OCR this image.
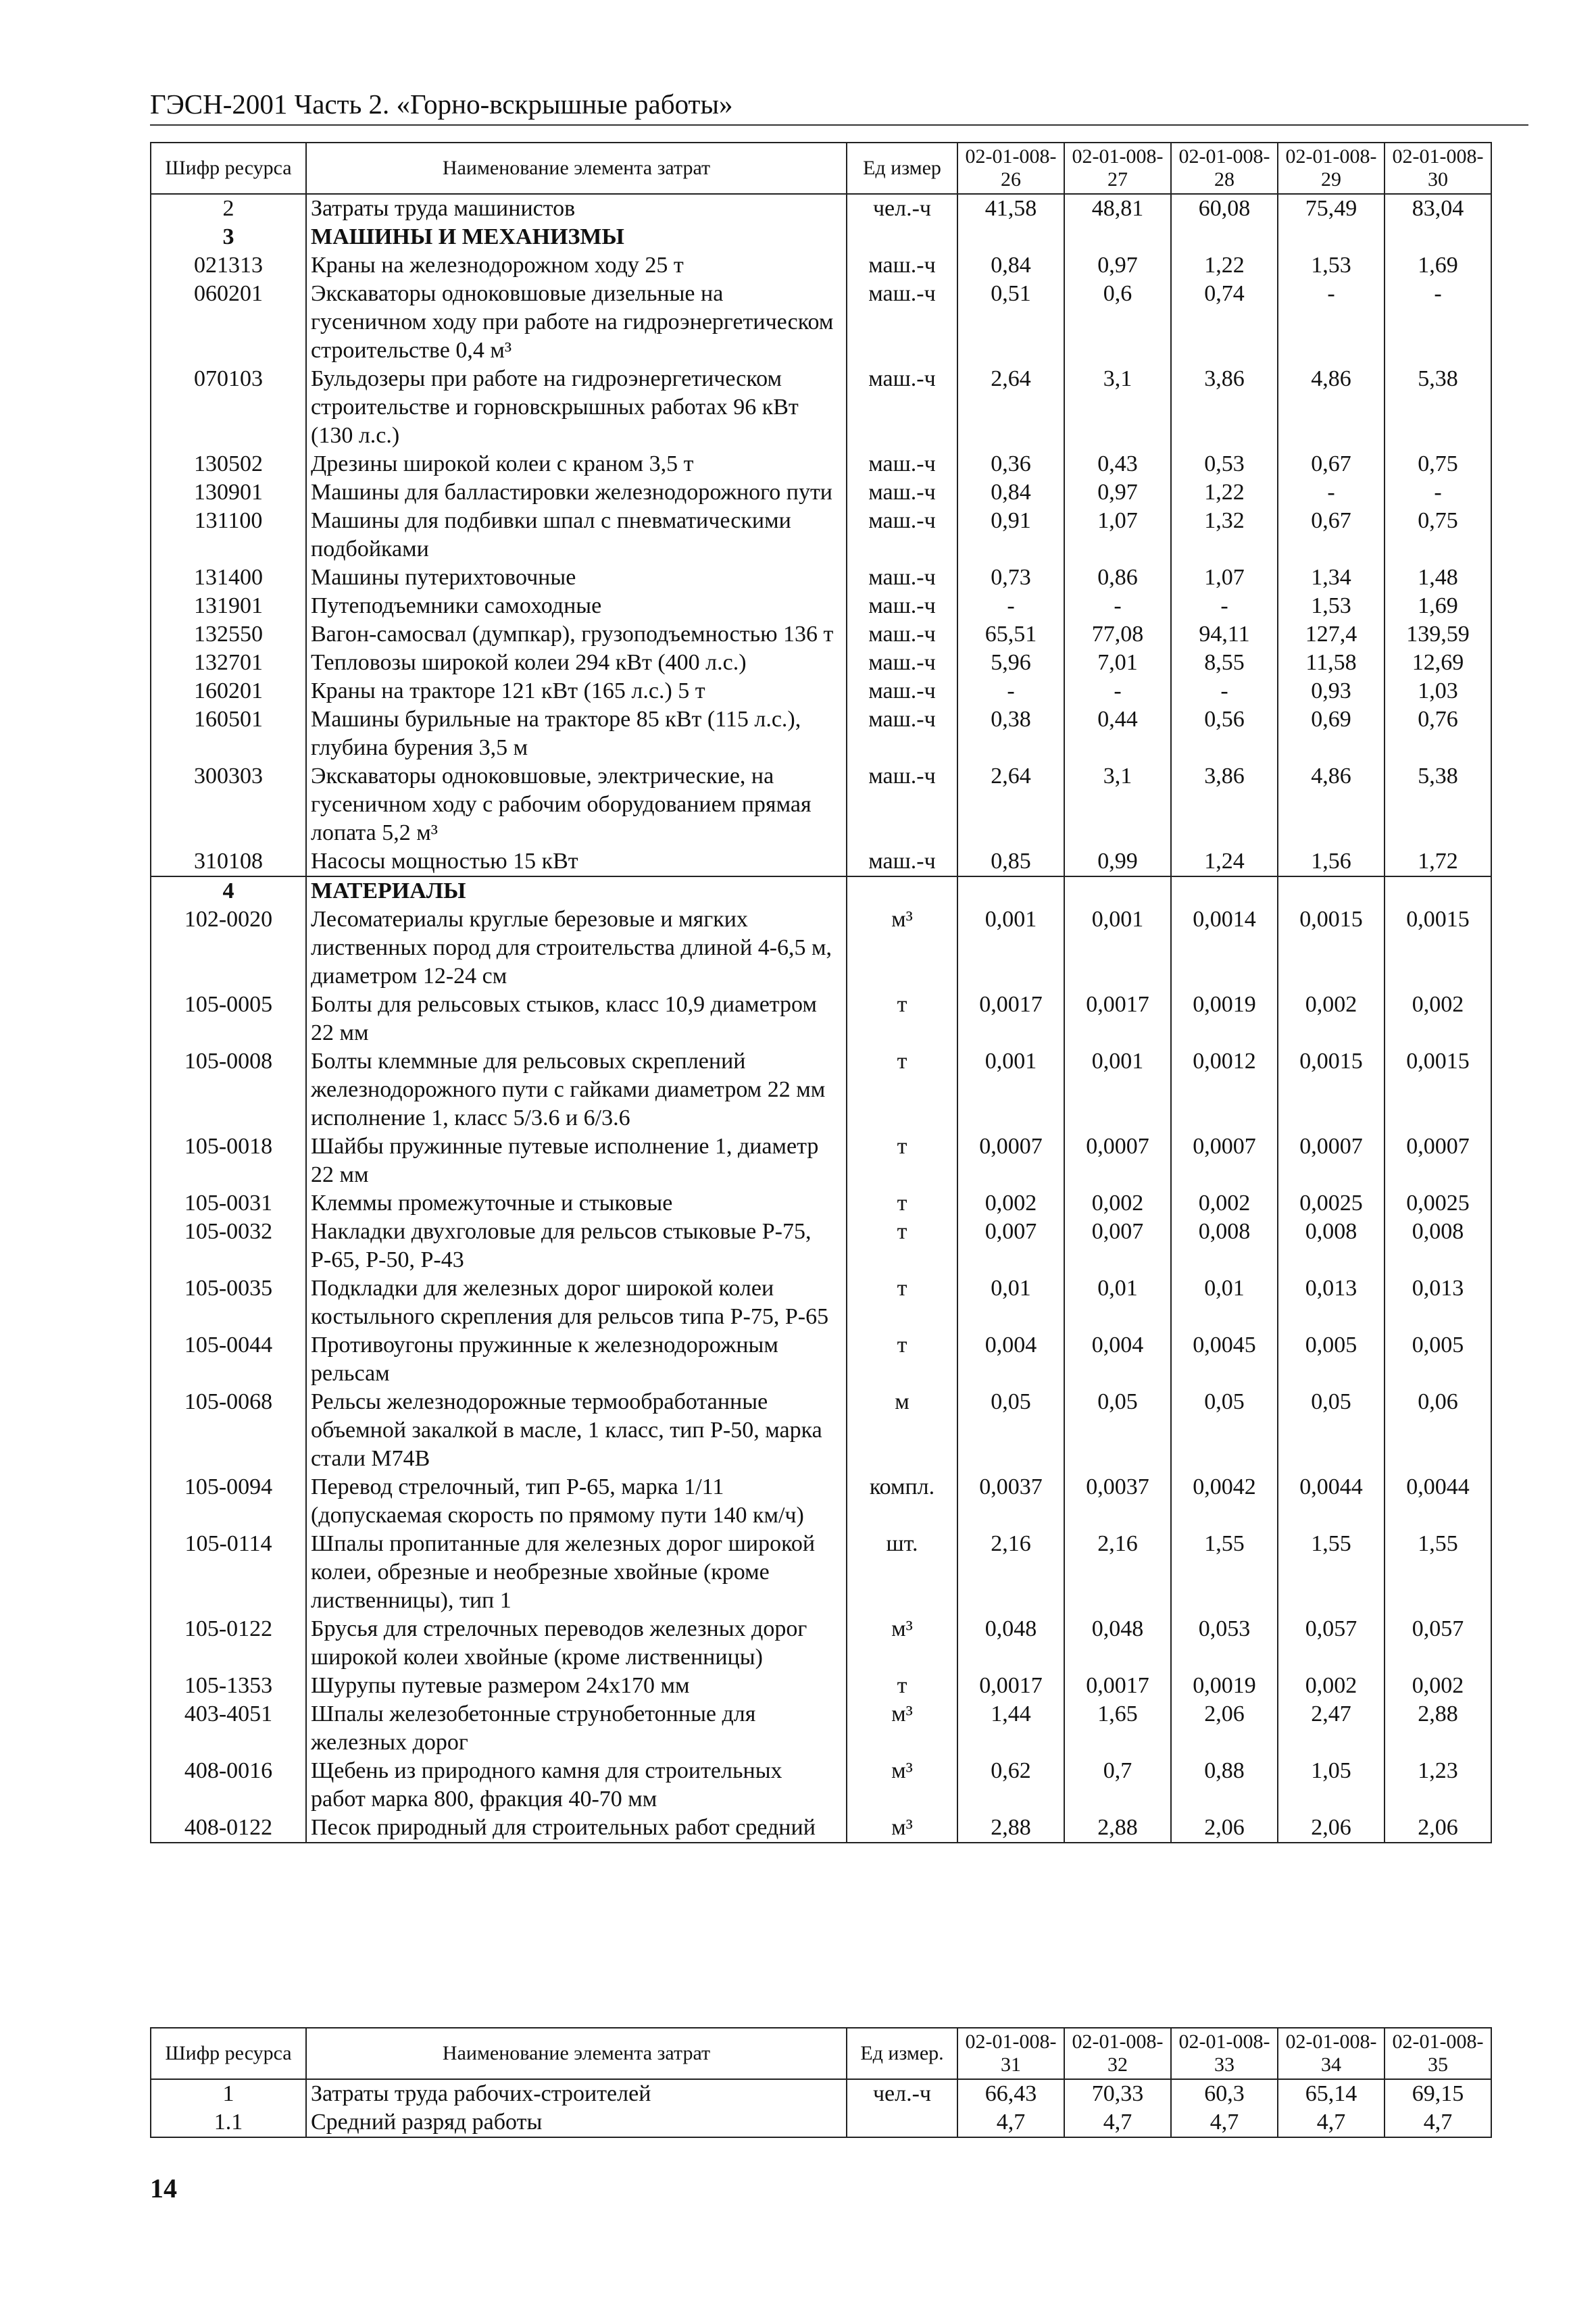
ГЭСН-2001 Часть 2. «Горно-вскрышные работы»
Шифр ресурса	Наименование элемента затрат	Ед измер	02-01-008-26	02-01-008-27	02-01-008-28	02-01-008-29	02-01-008-30
2	Затраты труда машинистов	чел.-ч	41,58	48,81	60,08	75,49	83,04
3	МАШИНЫ И МЕХАНИЗМЫ						
021313	Краны на железнодорожном ходу 25 т	маш.-ч	0,84	0,97	1,22	1,53	1,69
060201	Экскаваторы одноковшовые дизельные на гусеничном ходу при работе на гидроэнергетическом строительстве 0,4 м³	маш.-ч	0,51	0,6	0,74	-	-
070103	Бульдозеры при работе на гидроэнергетическом строительстве и горновскрышных работах 96 кВт (130 л.с.)	маш.-ч	2,64	3,1	3,86	4,86	5,38
130502	Дрезины широкой колеи с краном 3,5 т	маш.-ч	0,36	0,43	0,53	0,67	0,75
130901	Машины для балластировки железнодорожного пути	маш.-ч	0,84	0,97	1,22	-	-
131100	Машины для подбивки шпал с пневматическими подбойками	маш.-ч	0,91	1,07	1,32	0,67	0,75
131400	Машины путерихтовочные	маш.-ч	0,73	0,86	1,07	1,34	1,48
131901	Путеподъемники самоходные	маш.-ч	-	-	-	1,53	1,69
132550	Вагон-самосвал (думпкар), грузоподъемностью 136 т	маш.-ч	65,51	77,08	94,11	127,4	139,59
132701	Тепловозы широкой колеи 294 кВт (400 л.с.)	маш.-ч	5,96	7,01	8,55	11,58	12,69
160201	Краны на тракторе 121 кВт (165 л.с.) 5 т	маш.-ч	-	-	-	0,93	1,03
160501	Машины бурильные на тракторе 85 кВт (115 л.с.), глубина бурения 3,5 м	маш.-ч	0,38	0,44	0,56	0,69	0,76
300303	Экскаваторы одноковшовые, электрические, на гусеничном ходу с рабочим оборудованием прямая лопата 5,2 м³	маш.-ч	2,64	3,1	3,86	4,86	5,38
310108	Насосы мощностью 15 кВт	маш.-ч	0,85	0,99	1,24	1,56	1,72
4	МАТЕРИАЛЫ						
102-0020	Лесоматериалы круглые березовые и мягких лиственных пород для строительства длиной 4-6,5 м, диаметром 12-24 см	м³	0,001	0,001	0,0014	0,0015	0,0015
105-0005	Болты для рельсовых стыков, класс 10,9 диаметром 22 мм	т	0,0017	0,0017	0,0019	0,002	0,002
105-0008	Болты клеммные для рельсовых скреплений железнодорожного пути с гайками диаметром 22 мм исполнение 1, класс 5/3.6 и 6/3.6	т	0,001	0,001	0,0012	0,0015	0,0015
105-0018	Шайбы пружинные путевые исполнение 1, диаметр 22 мм	т	0,0007	0,0007	0,0007	0,0007	0,0007
105-0031	Клеммы промежуточные и стыковые	т	0,002	0,002	0,002	0,0025	0,0025
105-0032	Накладки двухголовые для рельсов стыковые Р-75, Р-65, Р-50, Р-43	т	0,007	0,007	0,008	0,008	0,008
105-0035	Подкладки для железных дорог широкой колеи костыльного скрепления для рельсов типа Р-75, Р-65	т	0,01	0,01	0,01	0,013	0,013
105-0044	Противоугоны пружинные к железнодорожным рельсам	т	0,004	0,004	0,0045	0,005	0,005
105-0068	Рельсы железнодорожные термообработанные объемной закалкой в масле, 1 класс, тип Р-50, марка стали М74В	м	0,05	0,05	0,05	0,05	0,06
105-0094	Перевод стрелочный, тип Р-65, марка 1/11 (допускаемая скорость по прямому пути 140 км/ч)	компл.	0,0037	0,0037	0,0042	0,0044	0,0044
105-0114	Шпалы пропитанные для железных дорог широкой колеи, обрезные и необрезные хвойные (кроме лиственницы), тип 1	шт.	2,16	2,16	1,55	1,55	1,55
105-0122	Брусья для стрелочных переводов железных дорог широкой колеи хвойные (кроме лиственницы)	м³	0,048	0,048	0,053	0,057	0,057
105-1353	Шурупы путевые размером 24х170 мм	т	0,0017	0,0017	0,0019	0,002	0,002
403-4051	Шпалы железобетонные струнобетонные для железных дорог	м³	1,44	1,65	2,06	2,47	2,88
408-0016	Щебень из природного камня для строительных работ марка 800, фракция 40-70 мм	м³	0,62	0,7	0,88	1,05	1,23
408-0122	Песок природный для строительных работ средний	м³	2,88	2,88	2,06	2,06	2,06
Шифр ресурса	Наименование элемента затрат	Ед измер.	02-01-008-31	02-01-008-32	02-01-008-33	02-01-008-34	02-01-008-35
1	Затраты труда рабочих-строителей	чел.-ч	66,43	70,33	60,3	65,14	69,15
1.1	Средний разряд работы		4,7	4,7	4,7	4,7	4,7
14
